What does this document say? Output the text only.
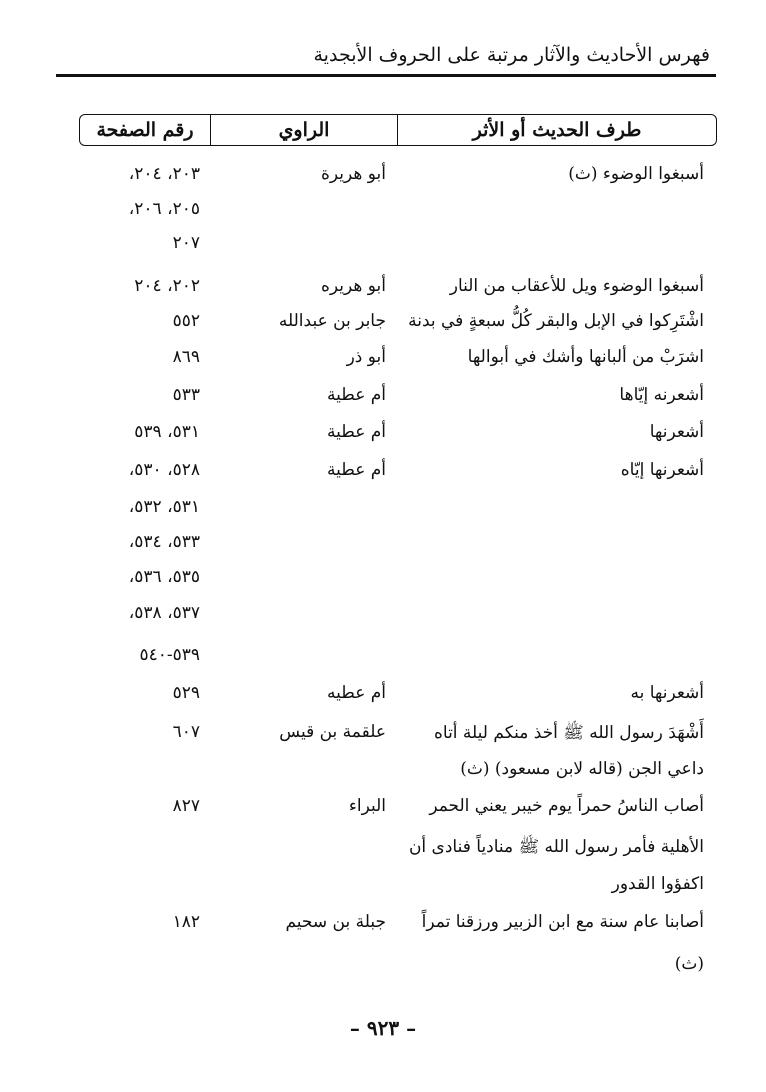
فهرس الأحاديث والآثار مرتبة على الحروف الأبجدية
طرف الحديث أو الأثر
الراوي
رقم الصفحة
أسبغوا الوضوء (ث)
أبو هريرة
٢٠٣، ٢٠٤،
٢٠٥، ٢٠٦،
٢٠٧
أسبغوا الوضوء ويل للأعقاب من النار
أبو هريره
٢٠٢، ٢٠٤
اشْتَرِكوا في الإبل والبقر كُلُّ سبعةٍ في بدنة
جابر بن عبدالله
٥٥٢
اشرَبْ من ألبانها وأشك في أبوالها
أبو ذر
٨٦٩
أشعرنه إيّاها
أم عطية
٥٣٣
أشعرنها
أم عطية
٥٣١، ٥٣٩
أشعرنها إيّاه
أم عطية
٥٢٨، ٥٣٠،
٥٣١، ٥٣٢،
٥٣٣، ٥٣٤،
٥٣٥، ٥٣٦،
٥٣٧، ٥٣٨،
٥٣٩-٥٤٠
أشعرنها به
أم عطيه
٥٢٩
أَشْهَدَ رسول الله ﷺ أخذ منكم ليلة أتاه
علقمة بن قيس
٦٠٧
داعي الجن (قاله لابن مسعود) (ث)
أصاب الناسُ حمراً يوم خيبر يعني الحمر
البراء
٨٢٧
الأهلية فأمر رسول الله ﷺ منادياً فنادى أن
اكفؤوا القدور
أصابنا عام سنة مع ابن الزبير ورزقنا تمراً
جبلة بن سحيم
١٨٢
(ث)
– ٩٢٣ –
